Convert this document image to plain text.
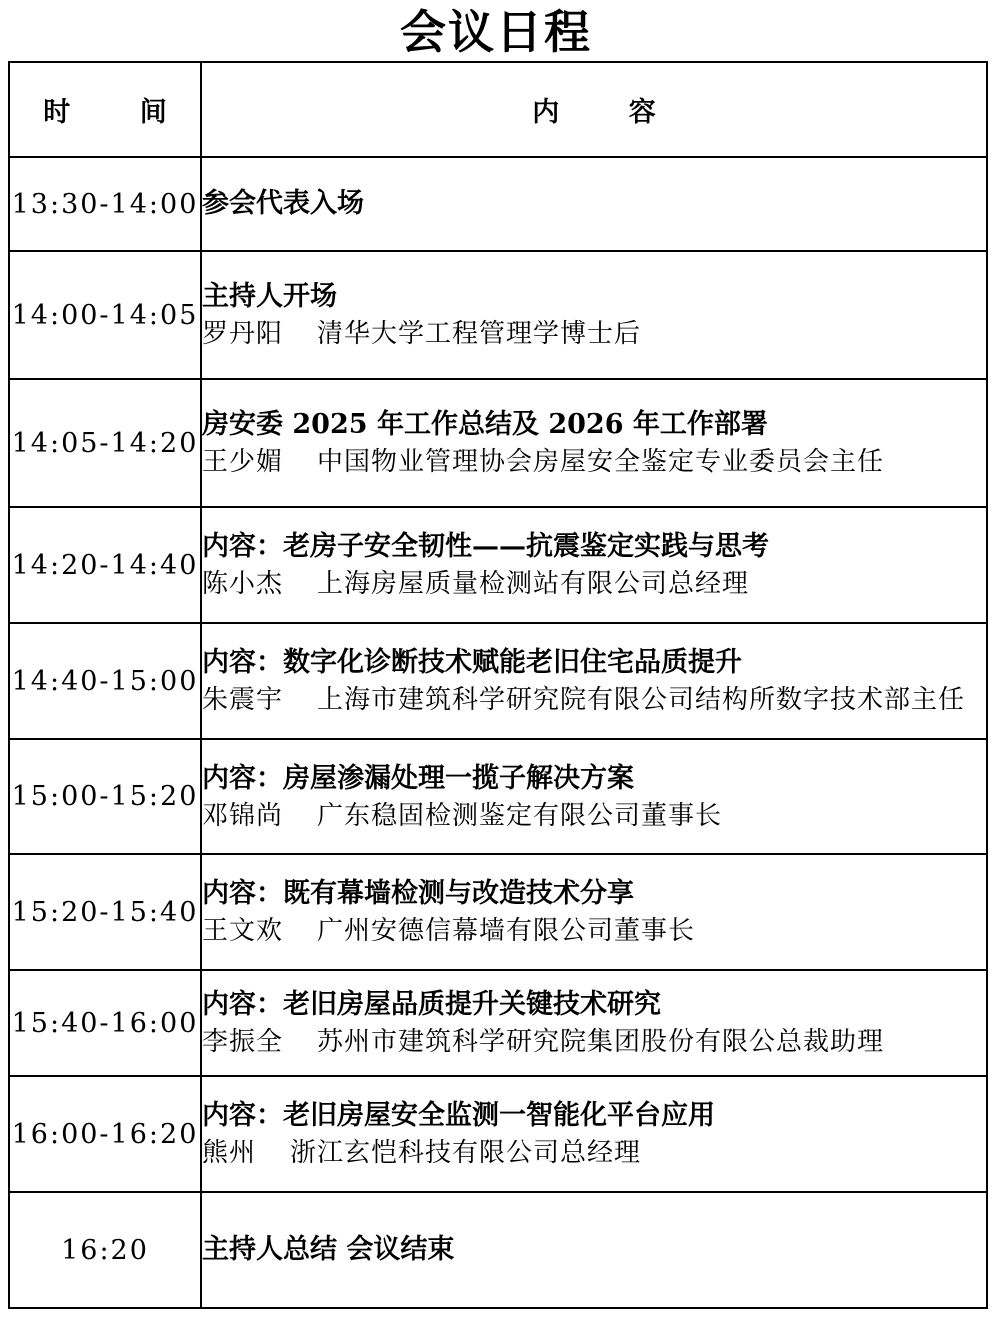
会议日程
时 间	内 容
13:30-14:00	参会代表入场

14:00-14:05	主持人开场
罗丹阳 清华大学工程管理学博士后

14:05-14:20	房安委 2025 年工作总结及 2026 年工作部署
王少媚 中国物业管理协会房屋安全鉴定专业委员会主任

14:20-14:40	内容：老房子安全韧性——抗震鉴定实践与思考
陈小杰 上海房屋质量检测站有限公司总经理

14:40-15:00	内容：数字化诊断技术赋能老旧住宅品质提升
朱震宇 上海市建筑科学研究院有限公司结构所数字技术部主任

15:00-15:20	内容：房屋渗漏处理一揽子解决方案
邓锦尚 广东稳固检测鉴定有限公司董事长

15:20-15:40	内容：既有幕墙检测与改造技术分享
王文欢 广州安德信幕墙有限公司董事长

15:40-16:00	内容：老旧房屋品质提升关键技术研究
李振全 苏州市建筑科学研究院集团股份有限公总裁助理

16:00-16:20	内容：老旧房屋安全监测一智能化平台应用
熊州 浙江玄恺科技有限公司总经理

16:20	主持人总结 会议结束
